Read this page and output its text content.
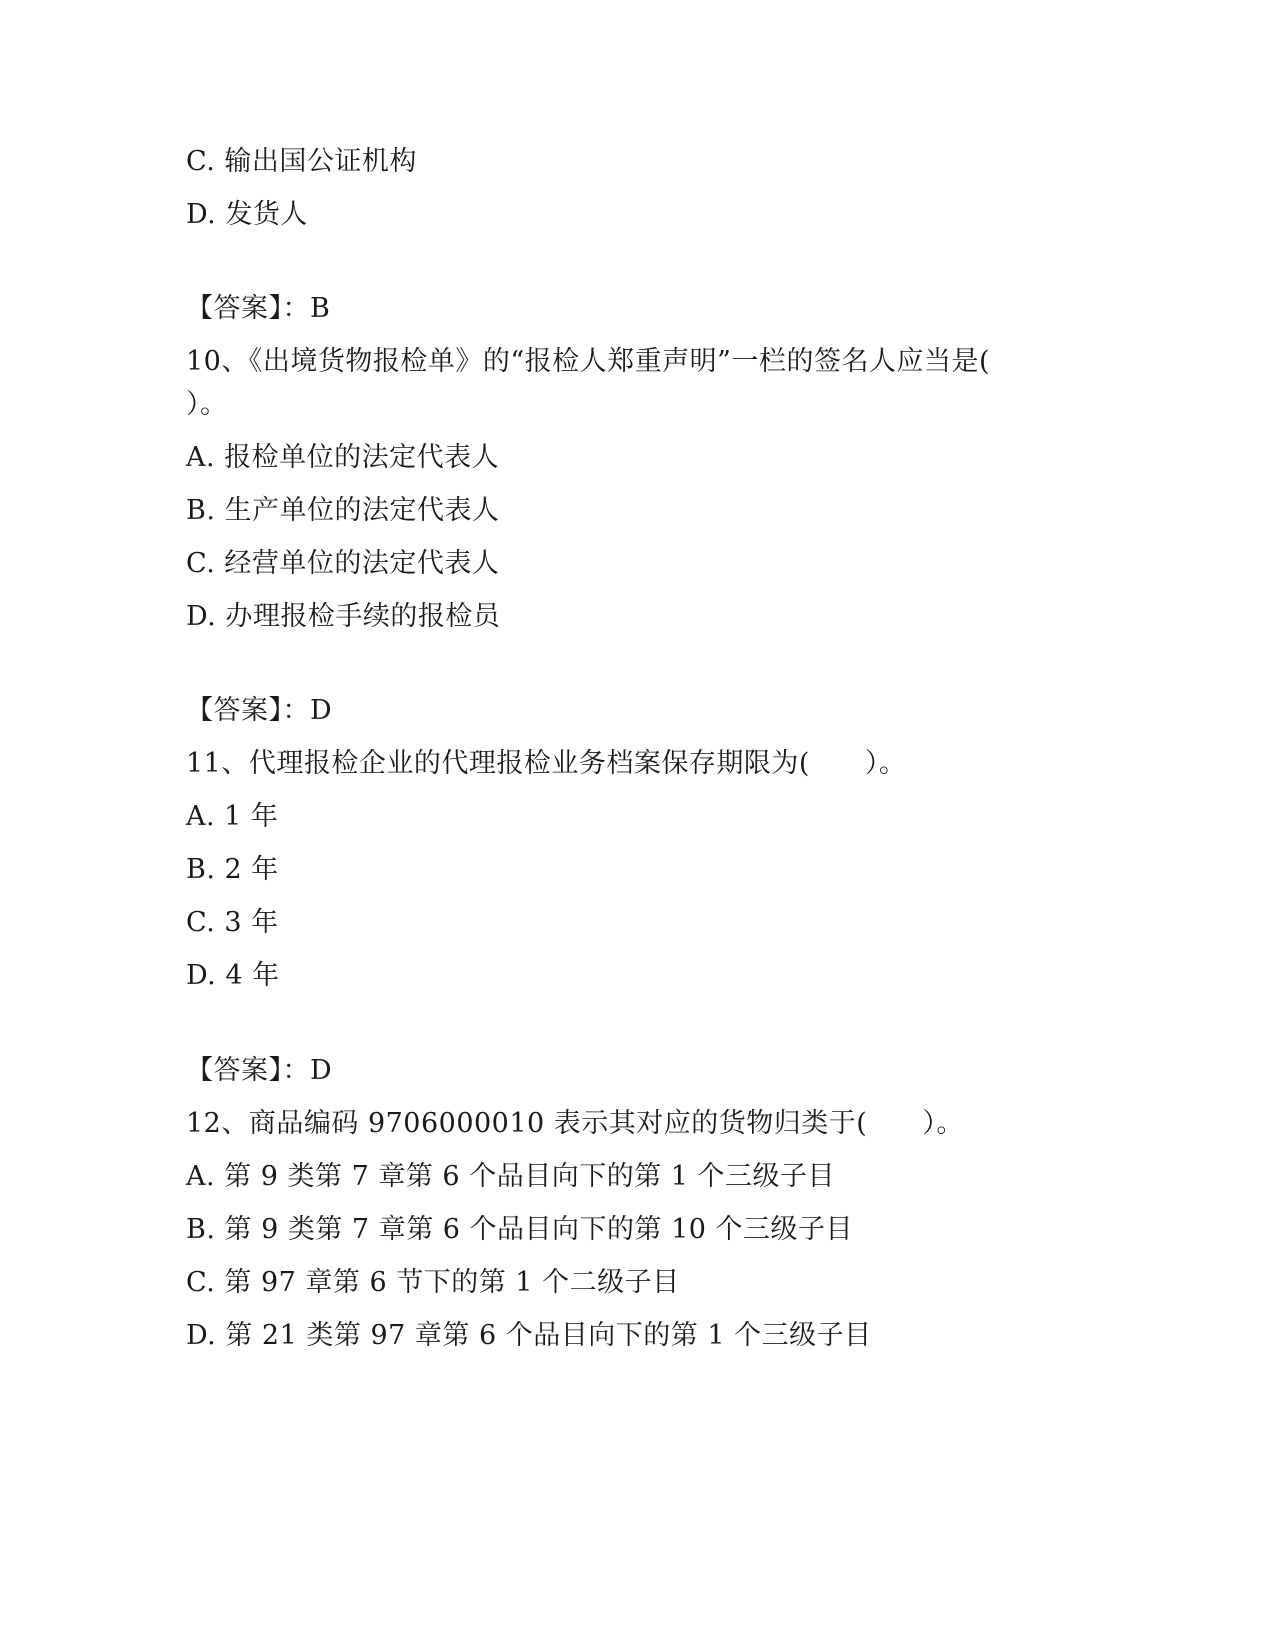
C. 输出国公证机构
D. 发货人
【答案】：B
10、《出境货物报检单》的“报检人郑重声明”一栏的签名人应当是(
）。
A. 报检单位的法定代表人
B. 生产单位的法定代表人
C. 经营单位的法定代表人
D. 办理报检手续的报检员
【答案】：D
11、代理报检企业的代理报检业务档案保存期限为(　　）。
A. 1 年
B. 2 年
C. 3 年
D. 4 年
【答案】：D
12、商品编码 9706000010 表示其对应的货物归类于(　　）。
A. 第 9 类第 7 章第 6 个品目向下的第 1 个三级子目
B. 第 9 类第 7 章第 6 个品目向下的第 10 个三级子目
C. 第 97 章第 6 节下的第 1 个二级子目
D. 第 21 类第 97 章第 6 个品目向下的第 1 个三级子目
